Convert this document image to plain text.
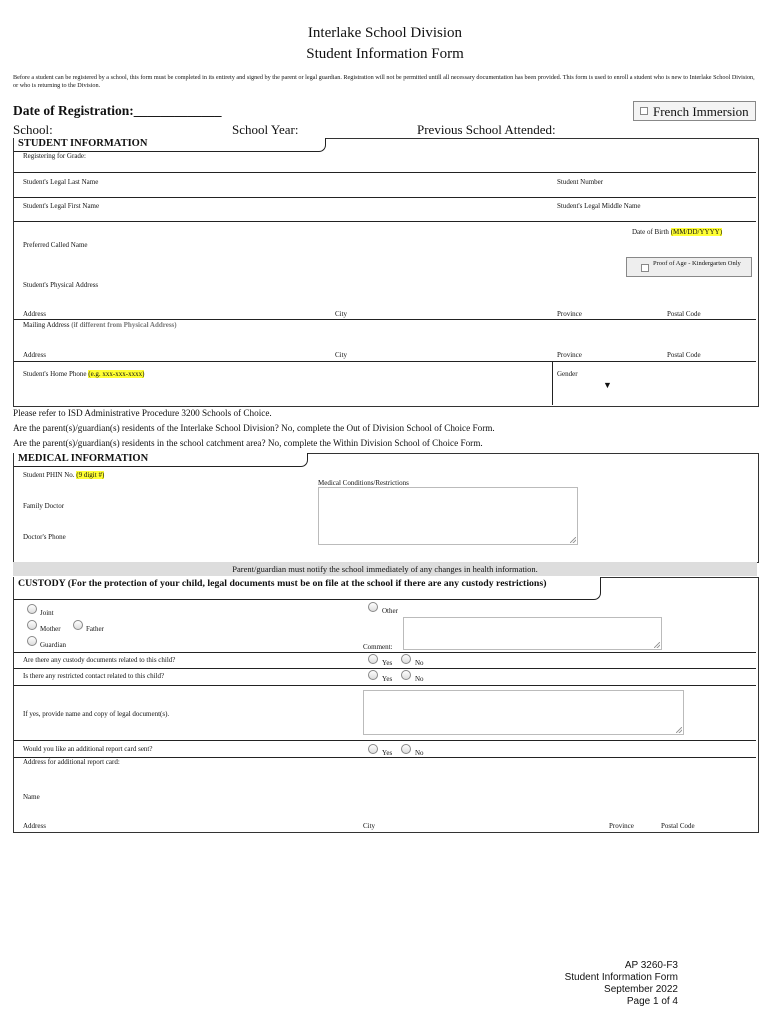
Interlake School Division
Student Information Form
Before a student can be registered by a school, this form must be completed in its entirety and signed by the parent or legal guardian. Registration will not be permitted untill all necessary documentation has been provided. This form is used to enroll a student who is new to Interlake School Division, or who is returning to the Division.
Date of Registration:_____________	French Immersion
School:	School Year:	Previous School Attended:
STUDENT INFORMATION
Registering for Grade:
Student's Legal Last Name	Student Number
Student's Legal First Name	Student's Legal Middle Name
Date of Birth (MM/DD/YYYY)
Preferred Called Name
Proof of Age - Kindergarten Only
Student's Physical Address
Address	City	Province	Postal Code
Mailing Address (if different from Physical Address)
Address	City	Province	Postal Code
Student's Home Phone (e.g. xxx-xxx-xxxx)	Gender
▼
Please refer to ISD Administrative Procedure 3200 Schools of Choice.
Are the parent(s)/guardian(s) residents of the Interlake School Division? No, complete the Out of Division School of Choice Form.
Are the parent(s)/guardian(s) residents in the school catchment area? No, complete the Within Division School of Choice Form.
MEDICAL INFORMATION
Student PHIN No. (9 digit #)
Medical Conditions/Restrictions
Family Doctor
Doctor's Phone
Parent/guardian must notify the school immediately of any changes in health information.
CUSTODY (For the protection of your child, legal documents must be on file at the school if there are any custody restrictions)
Joint	Other
Mother	Father
Guardian	Comment:
Are there any custody documents related to this child?	Yes	No
Is there any restricted contact related to this child?	Yes	No
If yes, provide name and copy of legal document(s).
Would you like an additional report card sent?	Yes	No
Address for additional report card:
Name
Address	City	Province	Postal Code
AP 3260-F3
Student Information Form
September 2022
Page 1 of 4
